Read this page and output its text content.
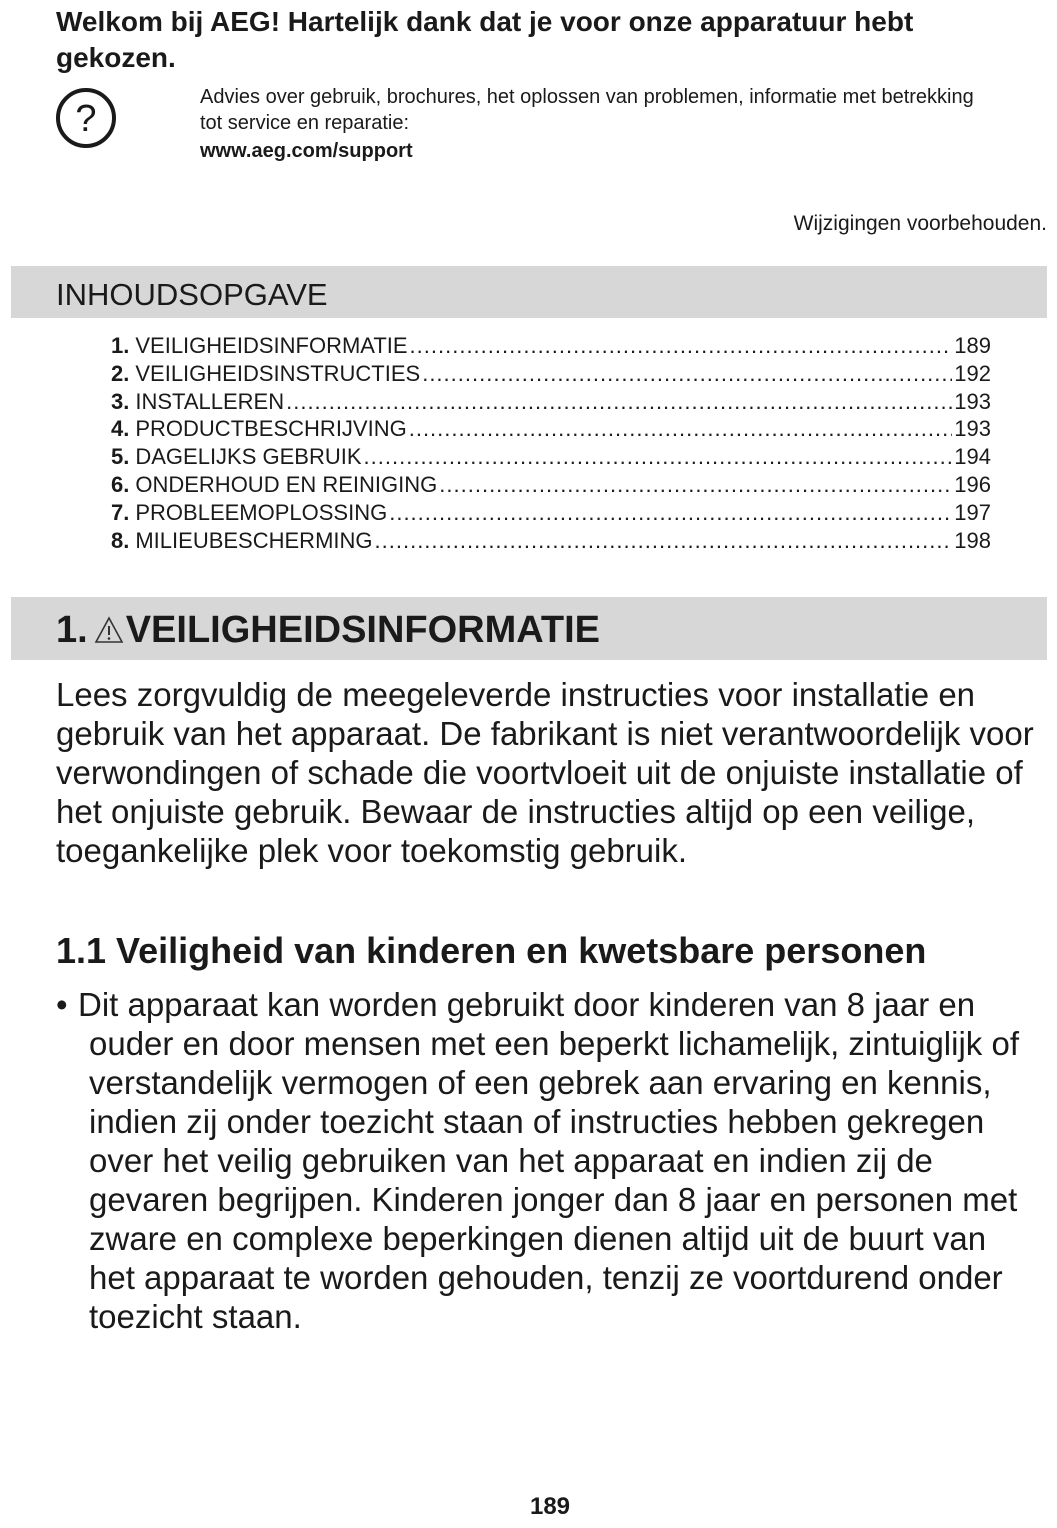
Welkom bij AEG! Hartelijk dank dat je voor onze apparatuur hebt gekozen.
?
Advies over gebruik, brochures, het oplossen van problemen, informatie met betrekking tot service en reparatie:
www.aeg.com/support
Wijzigingen voorbehouden.
INHOUDSOPGAVE
1. VEILIGHEIDSINFORMATIE .....	189
2. VEILIGHEIDSINSTRUCTIES .....	192
3. INSTALLEREN .....	193
4. PRODUCTBESCHRIJVING .....	193
5. DAGELIJKS GEBRUIK .....	194
6. ONDERHOUD EN REINIGING .....	196
7. PROBLEEMOPLOSSING .....	197
8. MILIEUBESCHERMING .....	198
1. VEILIGHEIDSINFORMATIE

Lees zorgvuldig de meegeleverde instructies voor installatie en gebruik van het apparaat. De fabrikant is niet verantwoordelijk voor verwondingen of schade die voortvloeit uit de onjuiste installatie of het onjuiste gebruik. Bewaar de instructies altijd op een veilige, toegankelijke plek voor toekomstig gebruik.

1.1 Veiligheid van kinderen en kwetsbare personen
• Dit apparaat kan worden gebruikt door kinderen van 8 jaar en ouder en door mensen met een beperkt lichamelijk, zintuiglijk of verstandelijk vermogen of een gebrek aan ervaring en kennis, indien zij onder toezicht staan of instructies hebben gekregen over het veilig gebruiken van het apparaat en indien zij de gevaren begrijpen. Kinderen jonger dan 8 jaar en personen met zware en complexe beperkingen dienen altijd uit de buurt van het apparaat te worden gehouden, tenzij ze voortdurend onder toezicht staan.
189
